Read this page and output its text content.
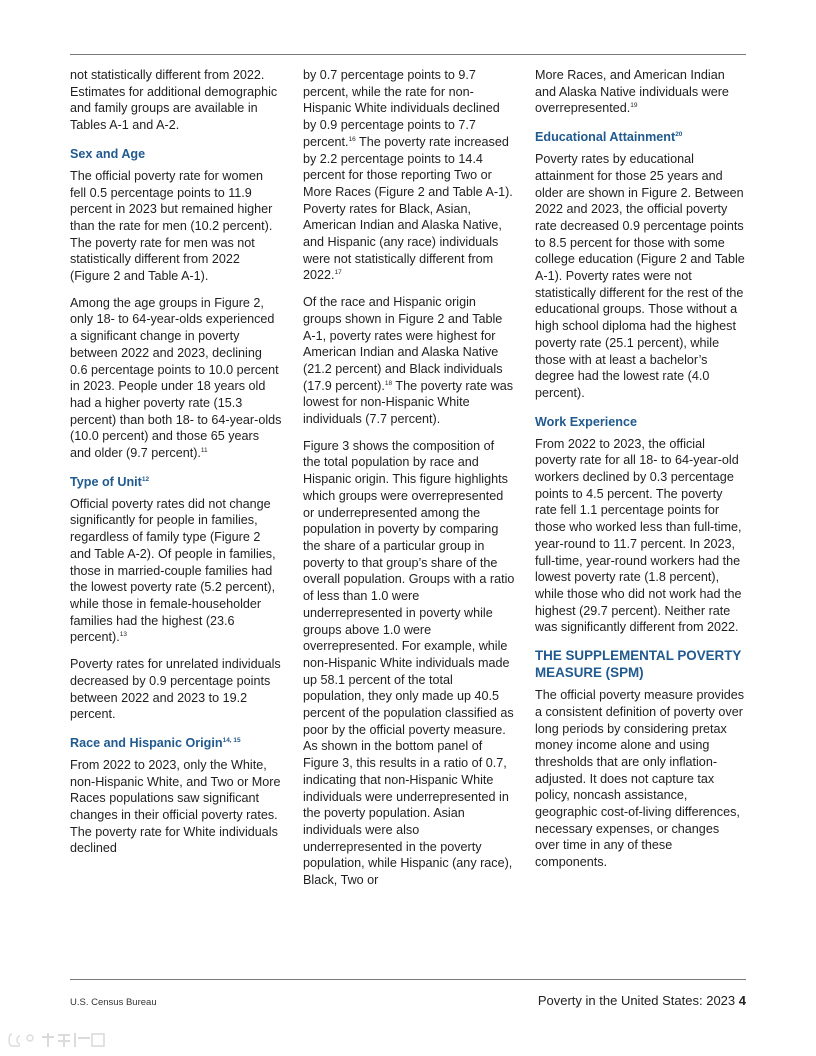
not statistically different from 2022. Estimates for additional demographic and family groups are available in Tables A-1 and A-2.

Sex and Age

The official poverty rate for women fell 0.5 percentage points to 11.9 percent in 2023 but remained higher than the rate for men (10.2 percent). The poverty rate for men was not statistically different from 2022 (Figure 2 and Table A-1).

Among the age groups in Figure 2, only 18- to 64-year-olds experienced a significant change in poverty between 2022 and 2023, declining 0.6 percentage points to 10.0 percent in 2023. People under 18 years old had a higher poverty rate (15.3 percent) than both 18- to 64-year-olds (10.0 percent) and those 65 years and older (9.7 percent).$^{11}$

Type of Unit$^{12}$

Official poverty rates did not change significantly for people in families, regardless of family type (Figure 2 and Table A-2). Of people in families, those in married-couple families had the lowest poverty rate (5.2 percent), while those in female-householder families had the highest (23.6 percent).$^{13}$

Poverty rates for unrelated individuals decreased by 0.9 percentage points between 2022 and 2023 to 19.2 percent.

Race and Hispanic Origin$^{14, 15}$

From 2022 to 2023, only the White, non-Hispanic White, and Two or More Races populations saw significant changes in their official poverty rates. The poverty rate for White individuals declined

by 0.7 percentage points to 9.7 percent, while the rate for non-Hispanic White individuals declined by 0.9 percentage points to 7.7 percent.$^{16}$ The poverty rate increased by 2.2 percentage points to 14.4 percent for those reporting Two or More Races (Figure 2 and Table A-1). Poverty rates for Black, Asian, American Indian and Alaska Native, and Hispanic (any race) individuals were not statistically different from 2022.17

Of the race and Hispanic origin groups shown in Figure 2 and Table A-1, poverty rates were highest for American Indian and Alaska Native (21.2 percent) and Black individuals (17.9 percent).$^{18}$ The poverty rate was lowest for non-Hispanic White individuals (7.7 percent).

Figure 3 shows the composition of the total population by race and Hispanic origin. This figure highlights which groups were overrepresented or underrepresented among the population in poverty by comparing the share of a particular group in poverty to that group’s share of the overall population. Groups with a ratio of less than 1.0 were underrepresented in poverty while groups above 1.0 were overrepresented. For example, while non-Hispanic White individuals made up 58.1 percent of the total population, they only made up 40.5 percent of the population classified as poor by the official poverty measure. As shown in the bottom panel of Figure 3, this results in a ratio of 0.7, indicating that non-Hispanic White individuals were underrepresented in the poverty population. Asian individuals were also underrepresented in the poverty population, while Hispanic (any race), Black, Two or

More Races, and American Indian and Alaska Native individuals were overrepresented.$^{19}$

Educational Attainment$^{20}$

Poverty rates by educational attainment for those 25 years and older are shown in Figure 2. Between 2022 and 2023, the official poverty rate decreased 0.9 percentage points to 8.5 percent for those with some college education (Figure 2 and Table A-1). Poverty rates were not statistically different for the rest of the educational groups. Those without a high school diploma had the highest poverty rate (25.1 percent), while those with at least a bachelor’s degree had the lowest rate (4.0 percent).

Work Experience

From 2022 to 2023, the official poverty rate for all 18- to 64-year-old workers declined by 0.3 percentage points to 4.5 percent. The poverty rate fell 1.1 percentage points for those who worked less than full-time, year-round to 11.7 percent. In 2023, full-time, year-round workers had the lowest poverty rate (1.8 percent), while those who did not work had the highest (29.7 percent). Neither rate was significantly different from 2022.

THE SUPPLEMENTAL POVERTY MEASURE (SPM)

The official poverty measure provides a consistent definition of poverty over long periods by considering pretax money income alone and using thresholds that are only inflation-adjusted. It does not capture tax policy, noncash assistance, geographic cost-of-living differences, necessary expenses, or changes over time in any of these components.

U.S. Census Bureau	Poverty in the United States: 2023 4
